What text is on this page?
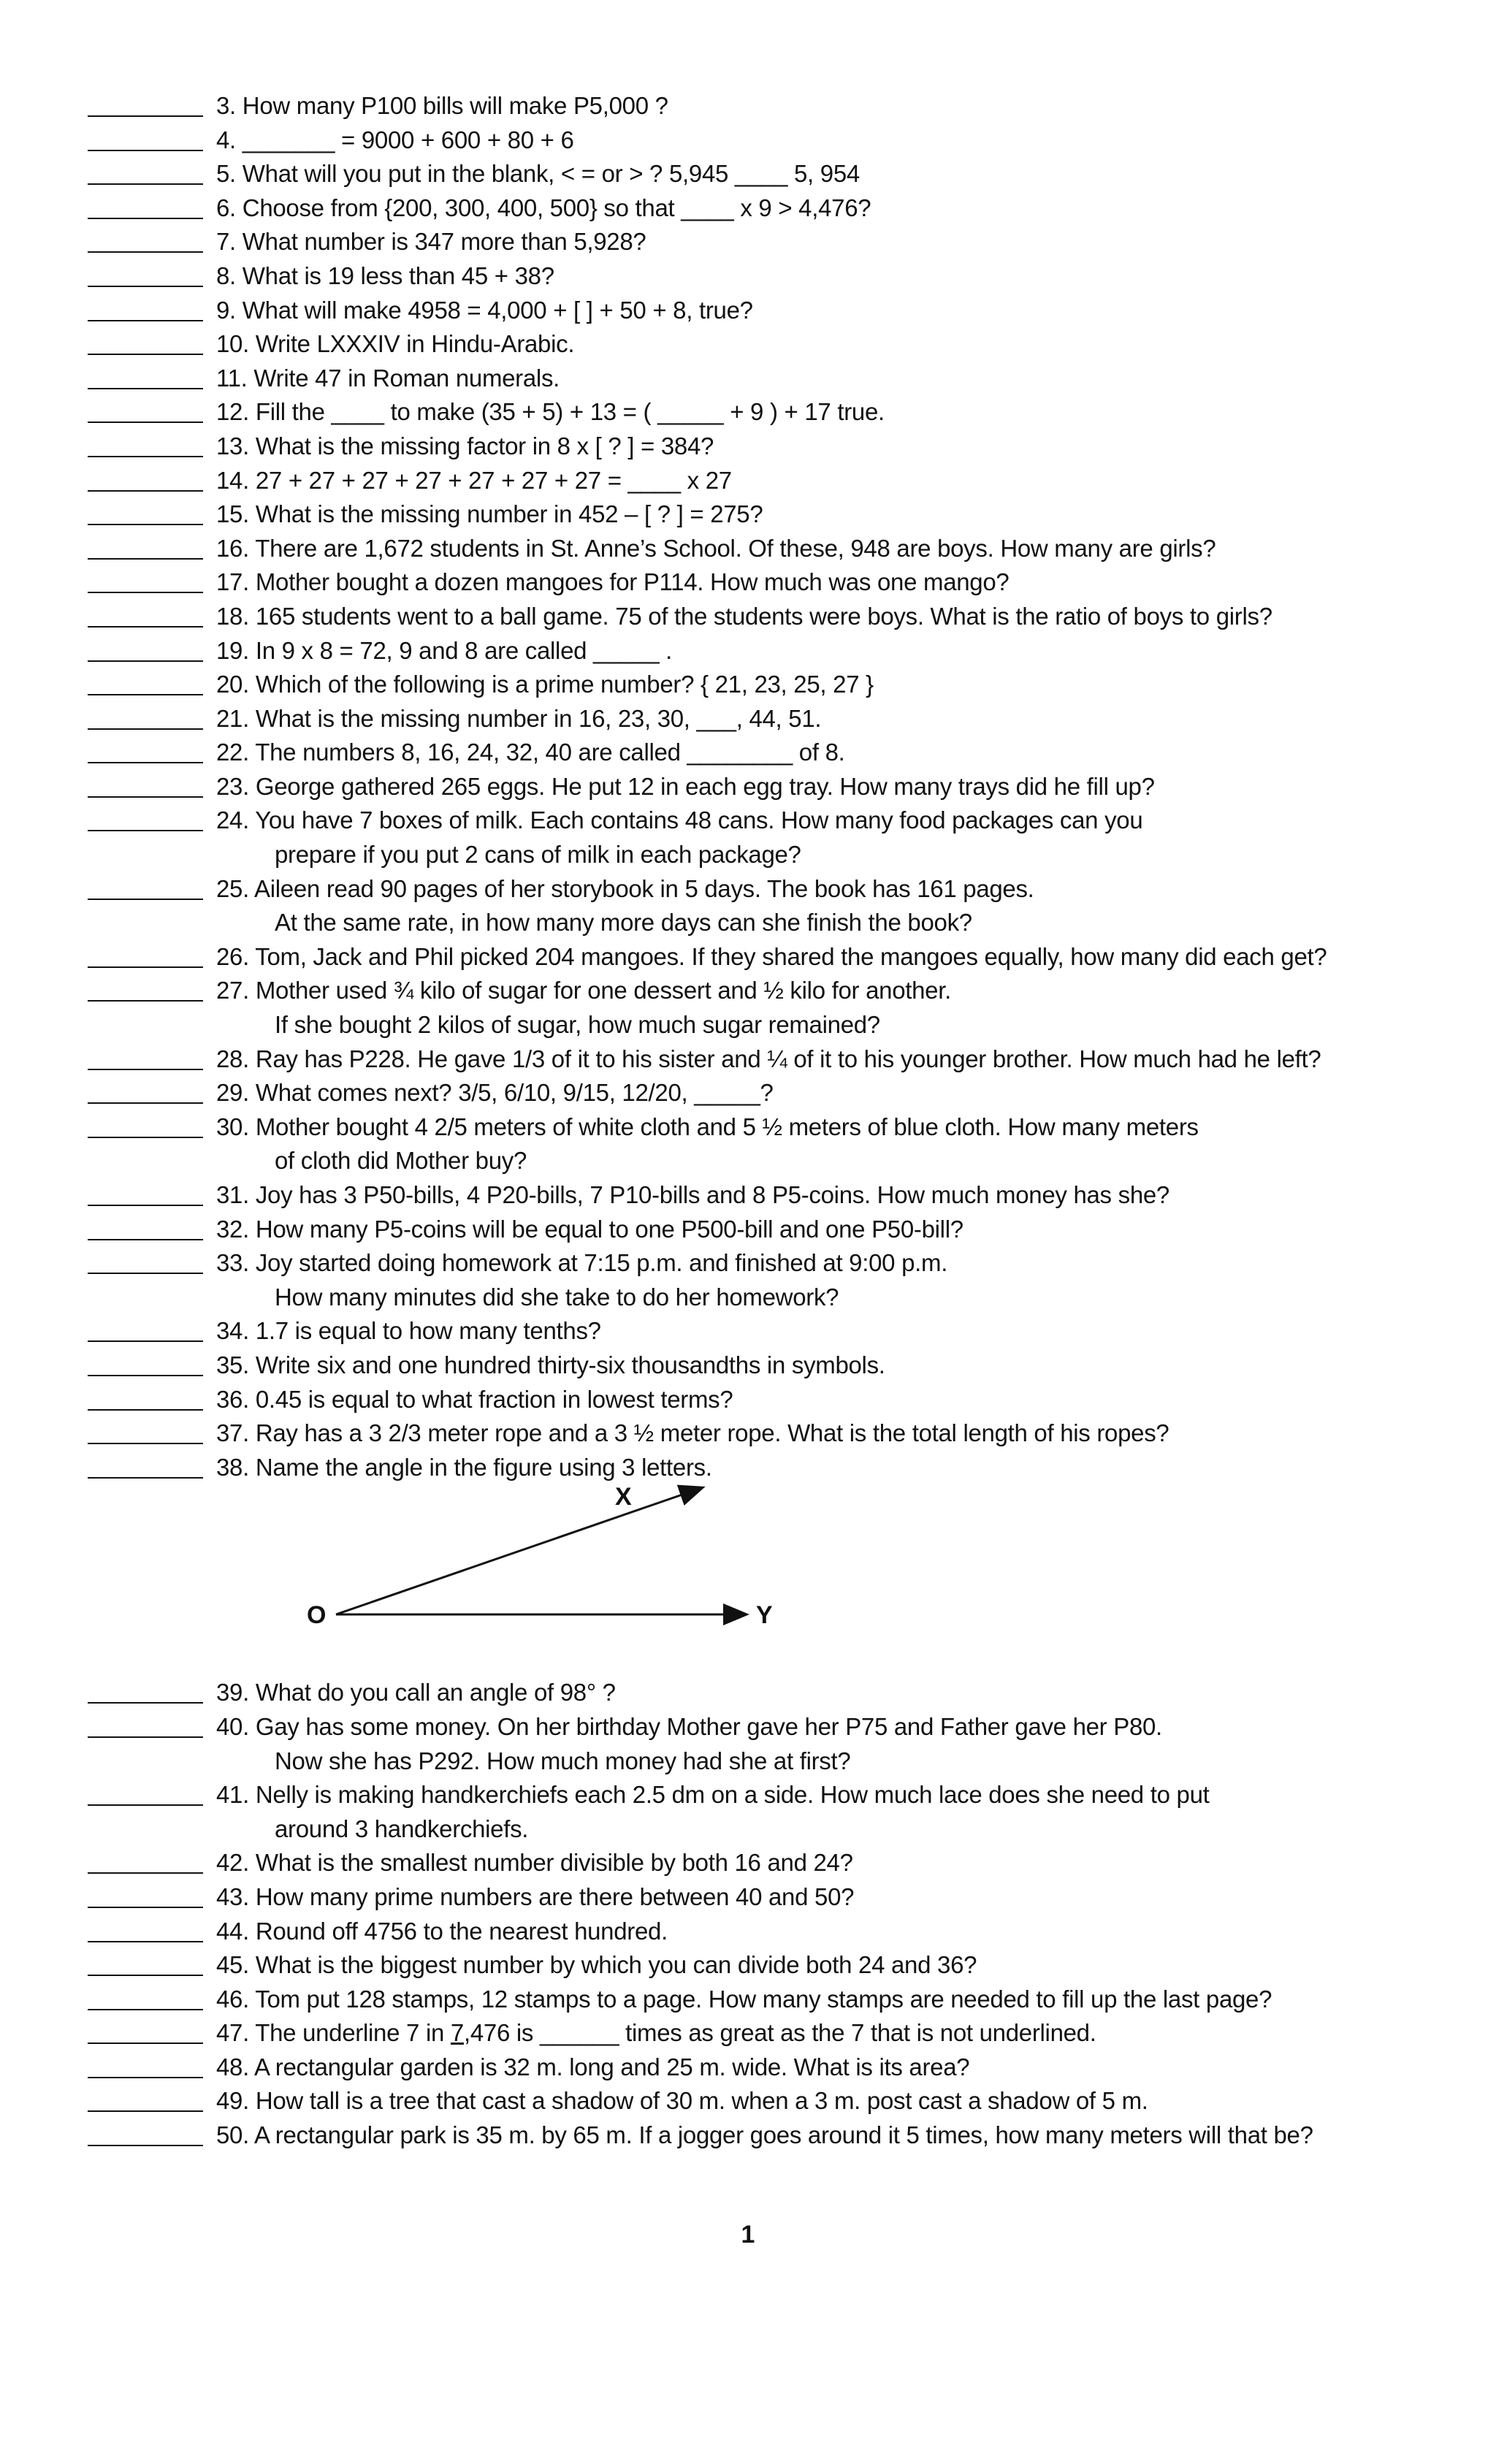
3. How many P100 bills will make P5,000 ?
4. _______ = 9000 + 600 + 80 + 6
5. What will you put in the blank, < = or > ? 5,945 ____ 5, 954
6. Choose from {200, 300, 400, 500} so that ____ x 9 > 4,476?
7. What number is 347 more than 5,928?
8. What is 19 less than 45 + 38?
9. What will make 4958 = 4,000 + [ ] + 50 + 8, true?
10. Write LXXXIV in Hindu-Arabic.
11. Write 47 in Roman numerals.
12. Fill the ____ to make (35 + 5) + 13 = ( _____ + 9 ) + 17 true.
13. What is the missing factor in 8 x [ ? ] = 384?
14. 27 + 27 + 27 + 27 + 27 + 27 + 27 = ____ x 27
15. What is the missing number in 452 – [ ? ] = 275?
16. There are 1,672 students in St. Anne’s School. Of these, 948 are boys. How many are girls?
17. Mother bought a dozen mangoes for P114. How much was one mango?
18. 165 students went to a ball game. 75 of the students were boys. What is the ratio of boys to girls?
19. In 9 x 8 = 72, 9 and 8 are called _____ .
20. Which of the following is a prime number? { 21, 23, 25, 27 }
21. What is the missing number in 16, 23, 30, ___, 44, 51.
22. The numbers 8, 16, 24, 32, 40 are called ________ of 8.
23. George gathered 265 eggs. He put 12 in each egg tray. How many trays did he fill up?
24. You have 7 boxes of milk. Each contains 48 cans. How many food packages can you
prepare if you put 2 cans of milk in each package?
25. Aileen read 90 pages of her storybook in 5 days. The book has 161 pages.
At the same rate, in how many more days can she finish the book?
26. Tom, Jack and Phil picked 204 mangoes. If they shared the mangoes equally, how many did each get?
27. Mother used ¾ kilo of sugar for one dessert and ½ kilo for another.
If she bought 2 kilos of sugar, how much sugar remained?
28. Ray has P228. He gave 1/3 of it to his sister and ¼ of it to his younger brother. How much had he left?
29. What comes next? 3/5, 6/10, 9/15, 12/20, _____?
30. Mother bought 4 2/5 meters of white cloth and 5 ½ meters of blue cloth. How many meters
of cloth did Mother buy?
31. Joy has 3 P50-bills, 4 P20-bills, 7 P10-bills and 8 P5-coins. How much money has she?
32. How many P5-coins will be equal to one P500-bill and one P50-bill?
33. Joy started doing homework at 7:15 p.m. and finished at 9:00 p.m.
How many minutes did she take to do her homework?
34. 1.7 is equal to how many tenths?
35. Write six and one hundred thirty-six thousandths in symbols.
36. 0.45 is equal to what fraction in lowest terms?
37. Ray has a 3 2/3 meter rope and a 3 ½ meter rope. What is the total length of his ropes?
38. Name the angle in the figure using 3 letters.
X
O	Y
39. What do you call an angle of 98° ?
40. Gay has some money. On her birthday Mother gave her P75 and Father gave her P80.
Now she has P292. How much money had she at first?
41. Nelly is making handkerchiefs each 2.5 dm on a side. How much lace does she need to put
around 3 handkerchiefs.
42. What is the smallest number divisible by both 16 and 24?
43. How many prime numbers are there between 40 and 50?
44. Round off 4756 to the nearest hundred.
45. What is the biggest number by which you can divide both 24 and 36?
46. Tom put 128 stamps, 12 stamps to a page. How many stamps are needed to fill up the last page?
47. The underline 7 in 7,476 is ______ times as great as the 7 that is not underlined.
48. A rectangular garden is 32 m. long and 25 m. wide. What is its area?
49. How tall is a tree that cast a shadow of 30 m. when a 3 m. post cast a shadow of 5 m.
50. A rectangular park is 35 m. by 65 m. If a jogger goes around it 5 times, how many meters will that be?
1
